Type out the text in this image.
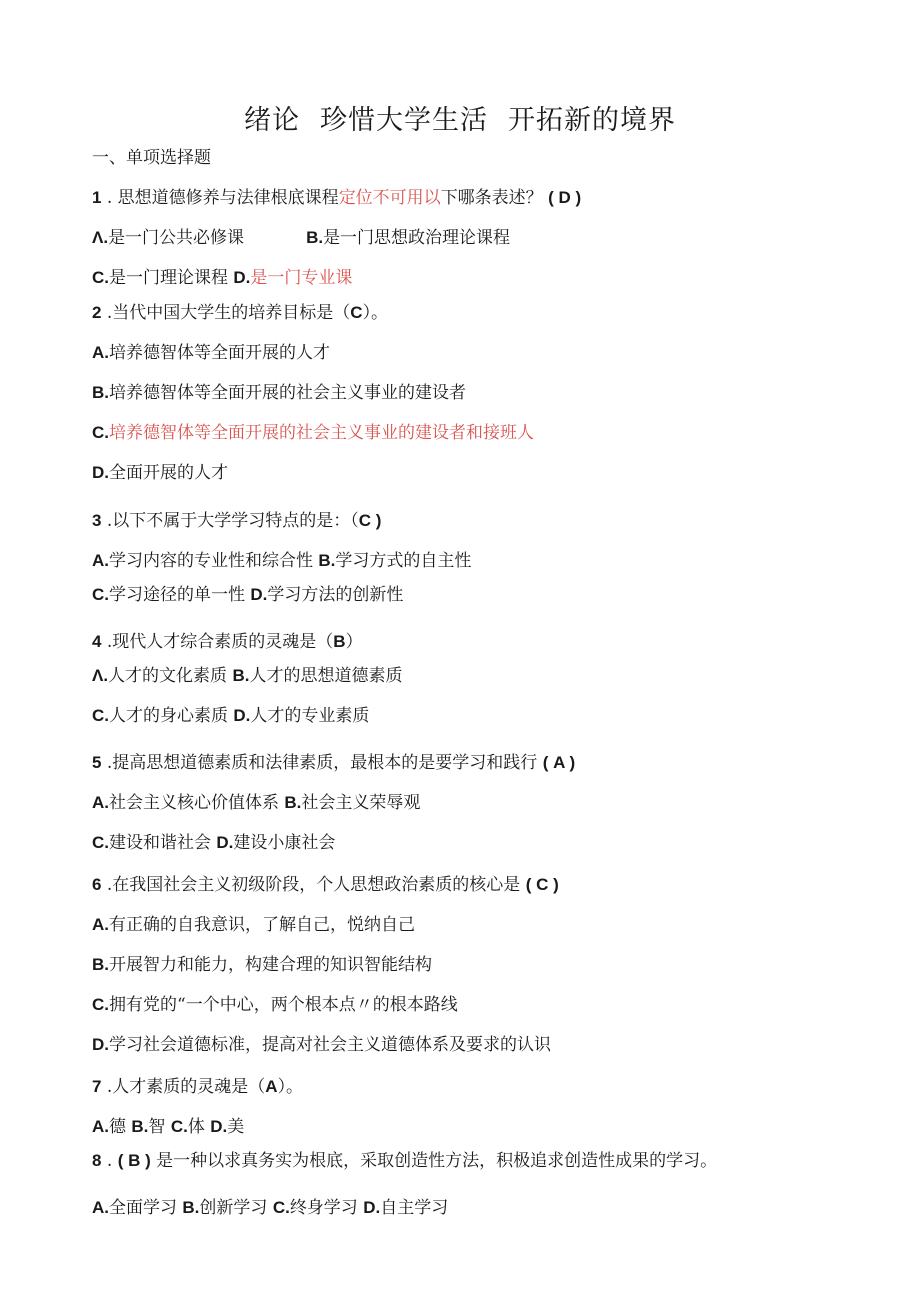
绪论 珍惜大学生活 开拓新的境界
一、单项选择题
1 . 思想道德修养与法律根底课程定位不可用以下哪条表述？ ( D )
Λ.是一门公共必修课	B.是一门思想政治理论课程
C.是一门理论课程 D.是一门专业课
2 .当代中国大学生的培养目标是（C）。
A.培养德智体等全面开展的人才
B.培养德智体等全面开展的社会主义事业的建设者
C.培养德智体等全面开展的社会主义事业的建设者和接班人
D.全面开展的人才
3 .以下不属于大学学习特点的是：（C )
A.学习内容的专业性和综合性 B.学习方式的自主性
C.学习途径的单一性 D.学习方法的创新性
4 .现代人才综合素质的灵魂是（B）
Λ.人才的文化素质 B.人才的思想道德素质
C.人才的身心素质 D.人才的专业素质
5 .提高思想道德素质和法律素质，最根本的是要学习和践行 ( A )
A.社会主义核心价值体系 B.社会主义荣辱观
C.建设和谐社会 D.建设小康社会
6 .在我国社会主义初级阶段，个人思想政治素质的核心是 ( C )
A.有正确的自我意识，了解自己，悦纳自己
B.开展智力和能力，构建合理的知识智能结构
C.拥有党的“一个中心，两个根本点〃的根本路线
D.学习社会道德标准，提高对社会主义道德体系及要求的认识
7 .人才素质的灵魂是（A）。
A.德 B.智 C.体 D.美
8 . ( B ) 是一种以求真务实为根底，采取创造性方法，积极追求创造性成果的学习。
A.全面学习 B.创新学习 C.终身学习 D.自主学习
